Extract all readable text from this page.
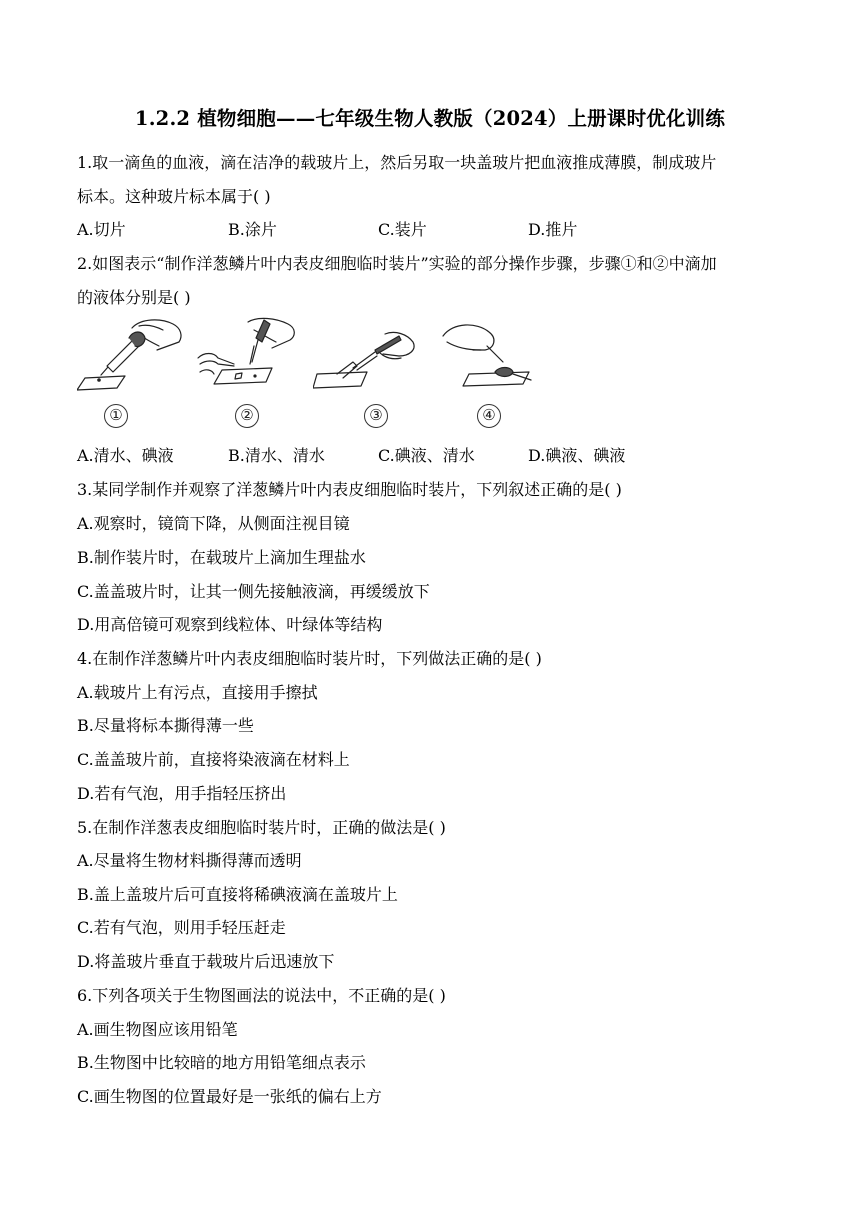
1.2.2 植物细胞——七年级生物人教版（2024）上册课时优化训练
1.取一滴鱼的血液，滴在洁净的载玻片上，然后另取一块盖玻片把血液推成薄膜，制成玻片
标本。这种玻片标本属于( )
A.切片	B.涂片	C.装片	D.推片
2.如图表示“制作洋葱鳞片叶内表皮细胞临时装片”实验的部分操作步骤，步骤①和②中滴加
的液体分别是( )
①	②	③	④
A.清水、碘液	B.清水、清水	C.碘液、清水	D.碘液、碘液
3.某同学制作并观察了洋葱鳞片叶内表皮细胞临时装片，下列叙述正确的是( )
A.观察时，镜筒下降，从侧面注视目镜
B.制作装片时，在载玻片上滴加生理盐水
C.盖盖玻片时，让其一侧先接触液滴，再缓缓放下
D.用高倍镜可观察到线粒体、叶绿体等结构
4.在制作洋葱鳞片叶内表皮细胞临时装片时，下列做法正确的是( )
A.载玻片上有污点，直接用手擦拭
B.尽量将标本撕得薄一些
C.盖盖玻片前，直接将染液滴在材料上
D.若有气泡，用手指轻压挤出
5.在制作洋葱表皮细胞临时装片时，正确的做法是( )
A.尽量将生物材料撕得薄而透明
B.盖上盖玻片后可直接将稀碘液滴在盖玻片上
C.若有气泡，则用手轻压赶走
D.将盖玻片垂直于载玻片后迅速放下
6.下列各项关于生物图画法的说法中，不正确的是( )
A.画生物图应该用铅笔
B.生物图中比较暗的地方用铅笔细点表示
C.画生物图的位置最好是一张纸的偏右上方
